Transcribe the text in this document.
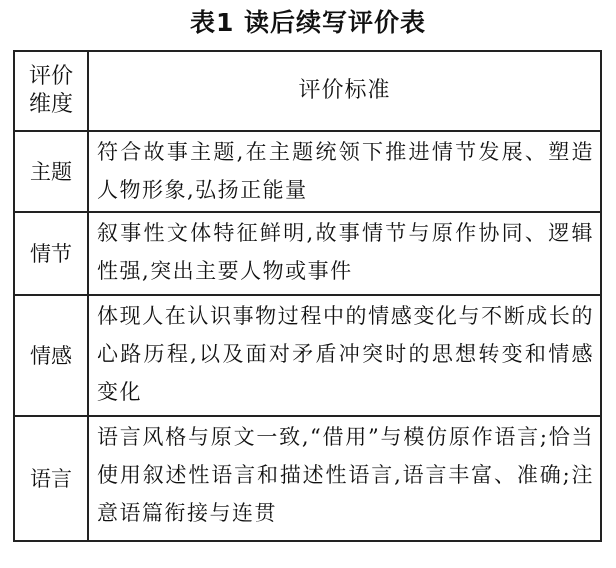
表1 读后续写评价表
评价维度	评价标准
主题	符合故事主题,在主题统领下推进情节发展、塑造人物形象,弘扬正能量
情节	叙事性文体特征鲜明,故事情节与原作协同、逻辑性强,突出主要人物或事件
情感	体现人在认识事物过程中的情感变化与不断成长的心路历程,以及面对矛盾冲突时的思想转变和情感变化
语言	语言风格与原文一致,“借用”与模仿原作语言;恰当使用叙述性语言和描述性语言,语言丰富、准确;注意语篇衔接与连贯
